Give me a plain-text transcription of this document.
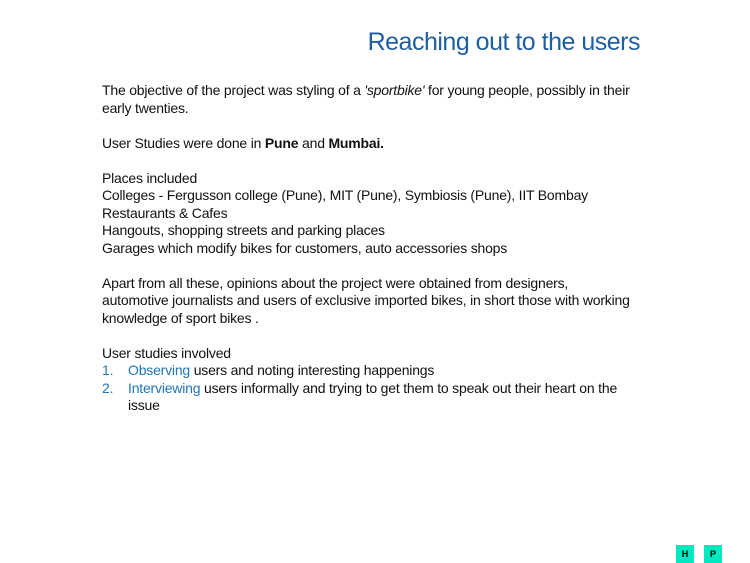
Reaching out to the users

The objective of the project was styling of a 'sportbike' for young people, possibly in their early twenties.

User Studies were done in Pune and Mumbai.

Places included
Colleges - Fergusson college (Pune), MIT (Pune), Symbiosis (Pune), IIT Bombay
Restaurants & Cafes
Hangouts, shopping streets and parking places
Garages which modify bikes for customers, auto accessories shops

Apart from all these, opinions about the project were obtained from designers, automotive journalists and users of exclusive imported bikes, in short those with working knowledge of sport bikes .

User studies involved

1. Observing users and noting interesting happenings
2. Interviewing users informally and trying to get them to speak out their heart on the issue
H	P
